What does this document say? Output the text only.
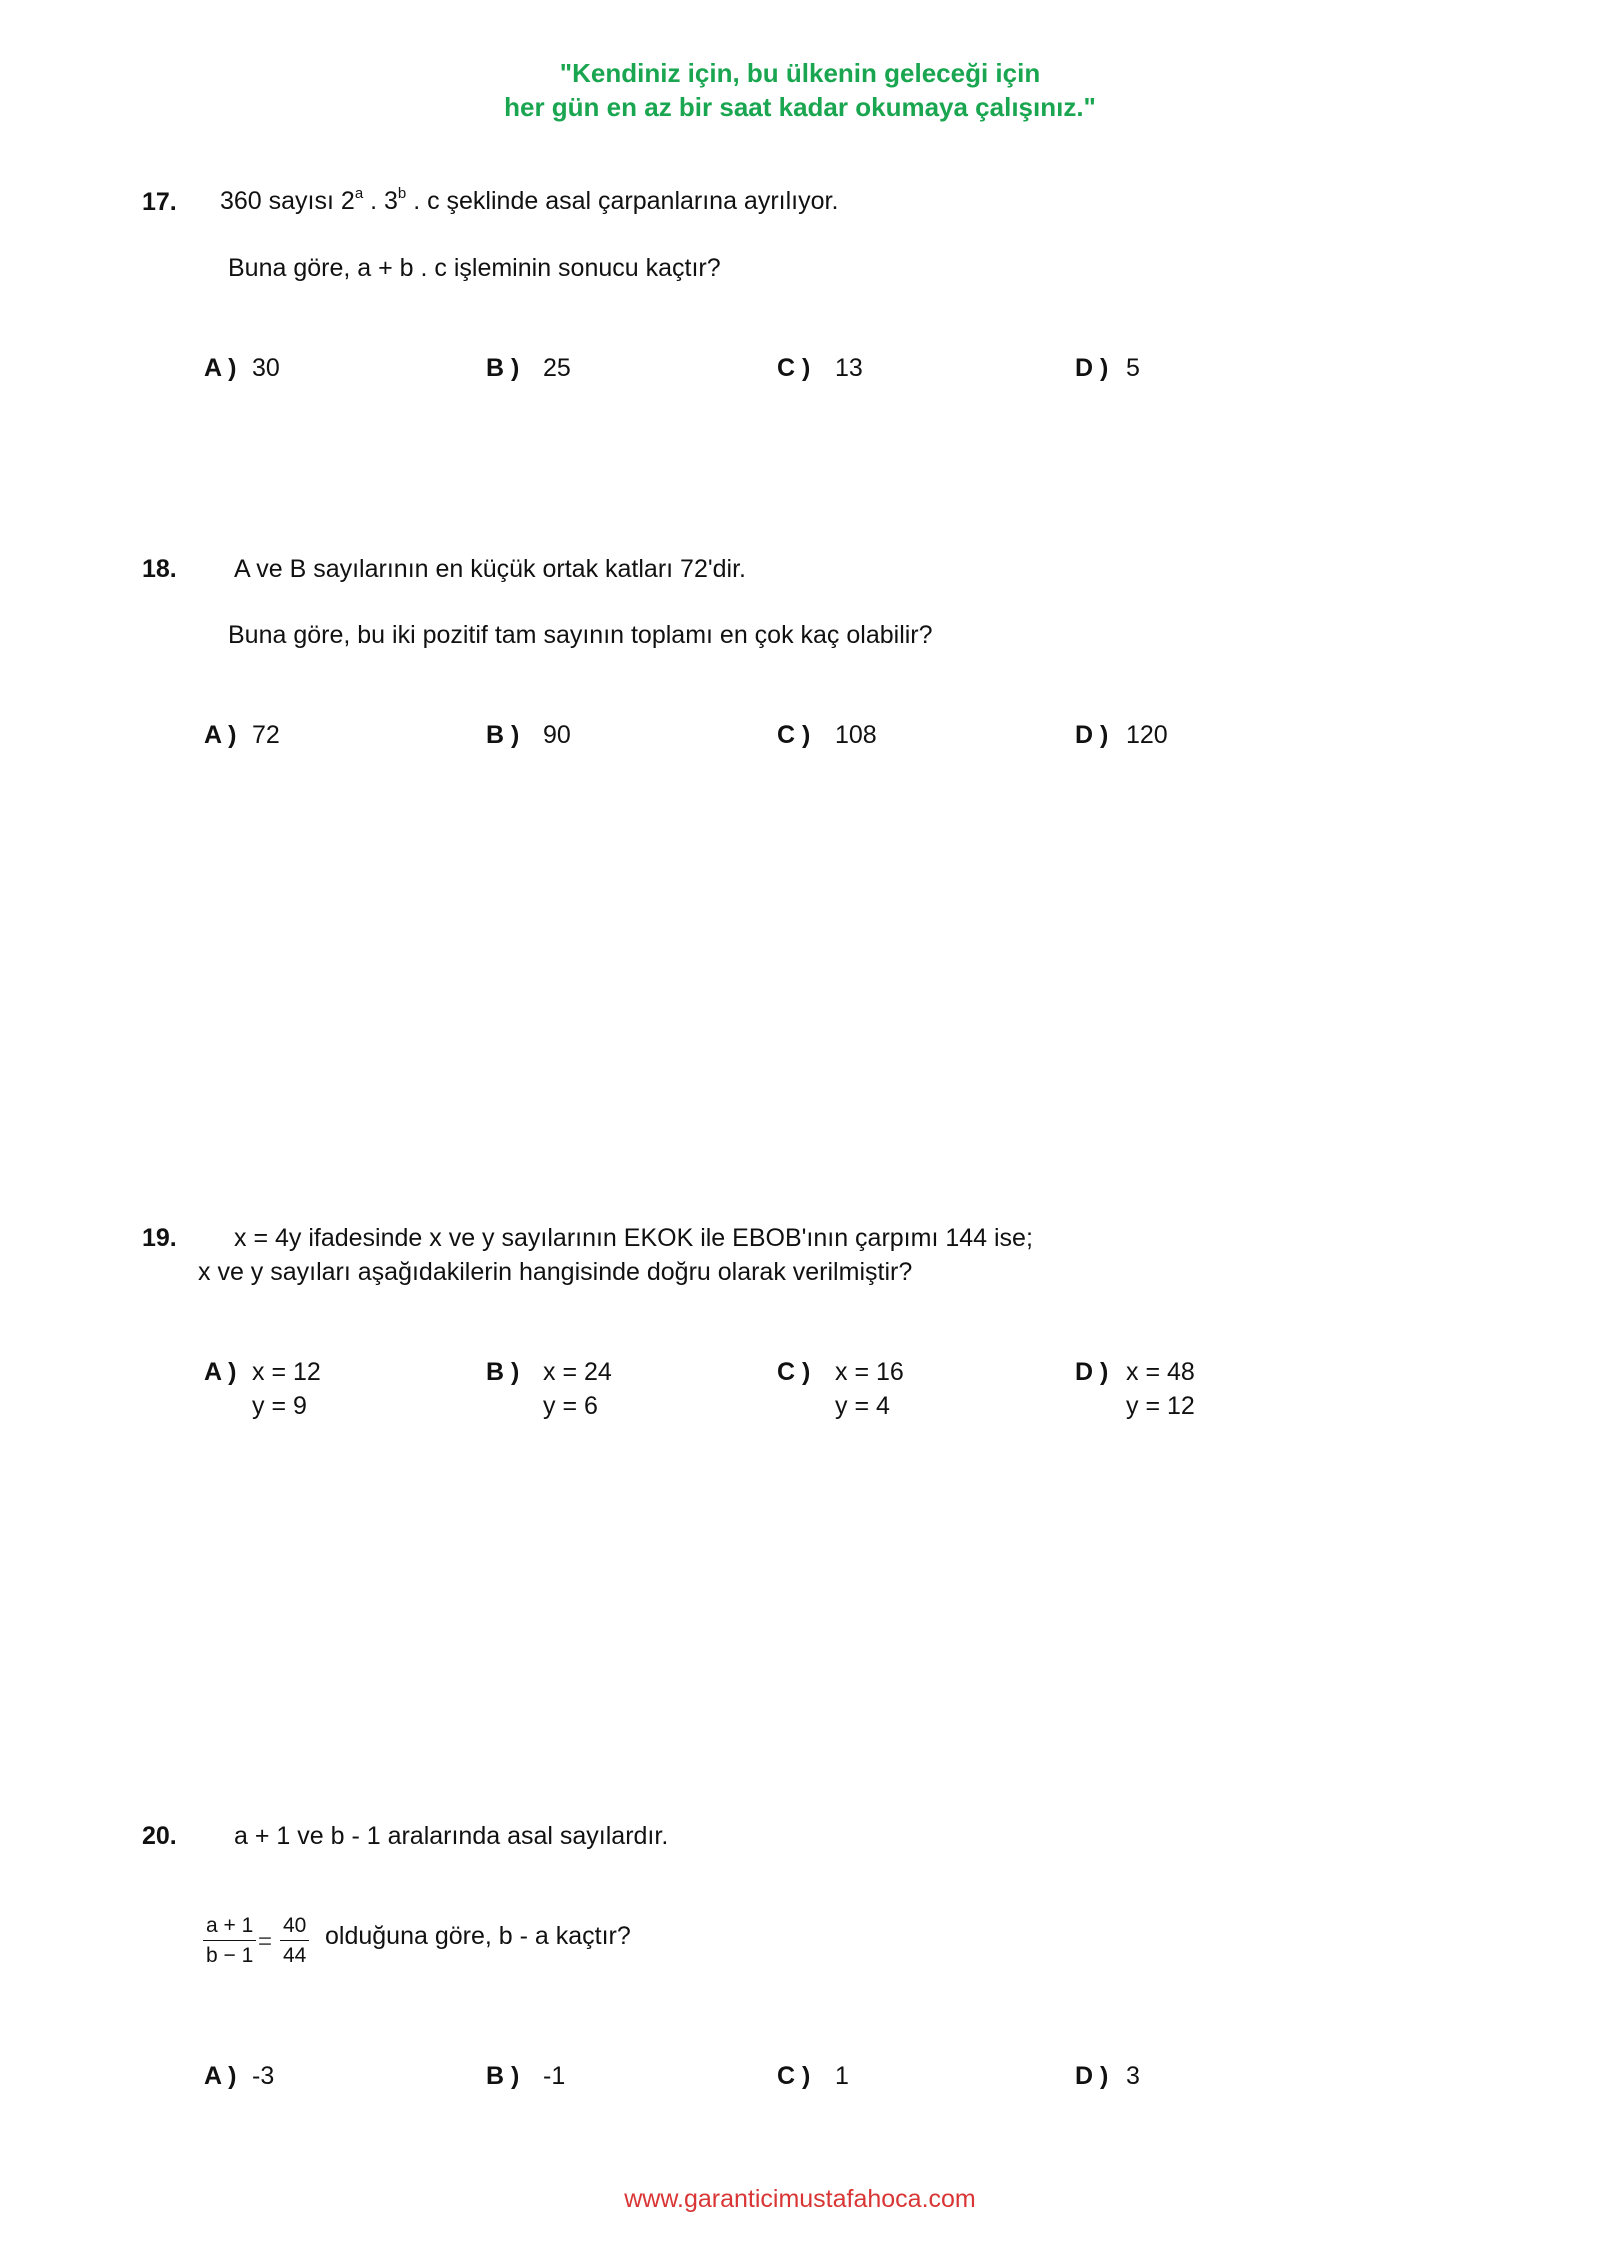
"Kendiniz için, bu ülkenin geleceği için
her gün en az bir saat kadar okumaya çalışınız."
17. 360 sayısı 2$^a$ . 3$^b$ . c şeklinde asal çarpanlarına ayrılıyor.
Buna göre, a + b . c işleminin sonucu kaçtır?
A ) 30	B ) 25	C ) 13	D ) 5
18. A ve B sayılarının en küçük ortak katları 72'dir.
Buna göre, bu iki pozitif tam sayının toplamı en çok kaç olabilir?
A ) 72	B ) 90	C ) 108	D ) 120
19. x = 4y ifadesinde x ve y sayılarının EKOK ile EBOB'ının çarpımı 144 ise;
x ve y sayıları aşağıdakilerin hangisinde doğru olarak verilmiştir?
A ) x = 12
y = 9
B ) x = 24
y = 6
C ) x = 16
y = 4
D ) x = 48
y = 12
20. a + 1 ve b - 1 aralarında asal sayılardır.
$\frac{a + 1}{b - 1} = \frac{40}{44}$ olduğuna göre, b - a kaçtır?
A ) -3	B ) -1	C ) 1	D ) 3
www.garanticimustafahoca.com
